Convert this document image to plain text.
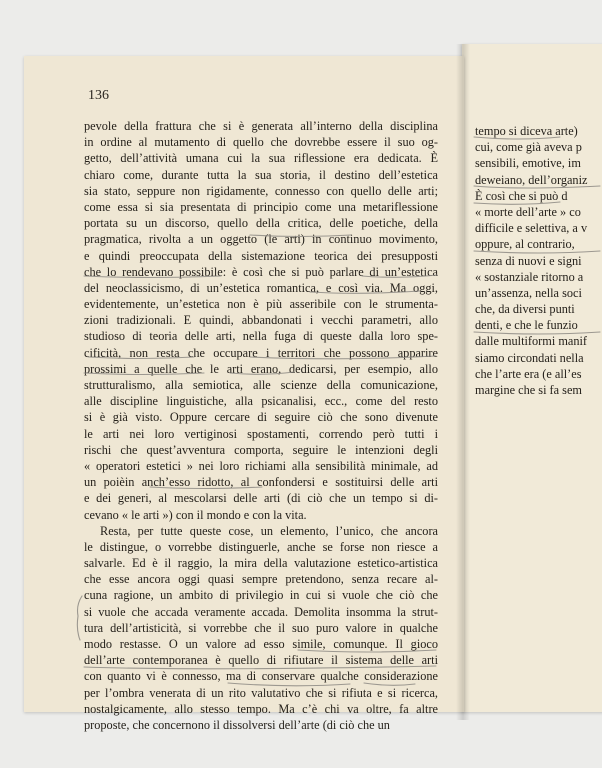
136
pevole della frattura che si è generata all’interno della disciplina
in ordine al mutamento di quello che dovrebbe essere il suo og-
getto, dell’attività umana cui la sua riflessione era dedicata. È
chiaro come, durante tutta la sua storia, il destino dell’estetica
sia stato, seppure non rigidamente, connesso con quello delle arti;
come essa si sia presentata di principio come una metariflessione
portata su un discorso, quello della critica, delle poetiche, della
pragmatica, rivolta a un oggetto (le arti) in continuo movimento,
e quindi preoccupata della sistemazione teorica dei presupposti
che lo rendevano possibile: è così che si può parlare di un’estetica
del neoclassicismo, di un’estetica romantica, e così via. Ma oggi,
evidentemente, un’estetica non è più asseribile con le strumenta-
zioni tradizionali. E quindi, abbandonati i vecchi parametri, allo
studioso di teoria delle arti, nella fuga di queste dalla loro spe-
cificità, non resta che occupare i territori che possono apparire
prossimi a quelle che le arti erano, dedicarsi, per esempio, allo
strutturalismo, alla semiotica, alle scienze della comunicazione,
alle discipline linguistiche, alla psicanalisi, ecc., come del resto
si è già visto. Oppure cercare di seguire ciò che sono divenute
le arti nei loro vertiginosi spostamenti, correndo però tutti i
rischi che quest’avventura comporta, seguire le intenzioni degli
« operatori estetici » nei loro richiami alla sensibilità minimale, ad
un poièin anch’esso ridotto, al confondersi e sostituirsi delle arti
e dei generi, al mescolarsi delle arti (di ciò che un tempo si di-
cevano « le arti ») con il mondo e con la vita.
Resta, per tutte queste cose, un elemento, l’unico, che ancora
le distingue, o vorrebbe distinguerle, anche se forse non riesce a
salvarle. Ed è il raggio, la mira della valutazione estetico-artistica
che esse ancora oggi quasi sempre pretendono, senza recare al-
cuna ragione, un ambito di privilegio in cui si vuole che ciò che
si vuole che accada veramente accada. Demolita insomma la strut-
tura dell’artisticità, si vorrebbe che il suo puro valore in qualche
modo restasse. O un valore ad esso simile, comunque. Il gioco
dell’arte contemporanea è quello di rifiutare il sistema delle arti
con quanto vi è connesso, ma di conservare qualche considerazione
per l’ombra venerata di un rito valutativo che si rifiuta e si ricerca,
nostalgicamente, allo stesso tempo. Ma c’è chi va oltre, fa altre
proposte, che concernono il dissolversi dell’arte (di ciò che un
tempo si diceva arte)
cui, come già aveva p
sensibili, emotive, im
deweiano, dell’organiz
È così che si può d
« morte dell’arte » co
difficile e selettiva, a v
oppure, al contrario,
senza di nuovi e signi
« sostanziale ritorno a
un’assenza, nella soci
che, da diversi punti
denti, e che le funzio
dalle multiformi manif
siamo circondati nella
che l’arte era (e all’es
margine che si fa sem
